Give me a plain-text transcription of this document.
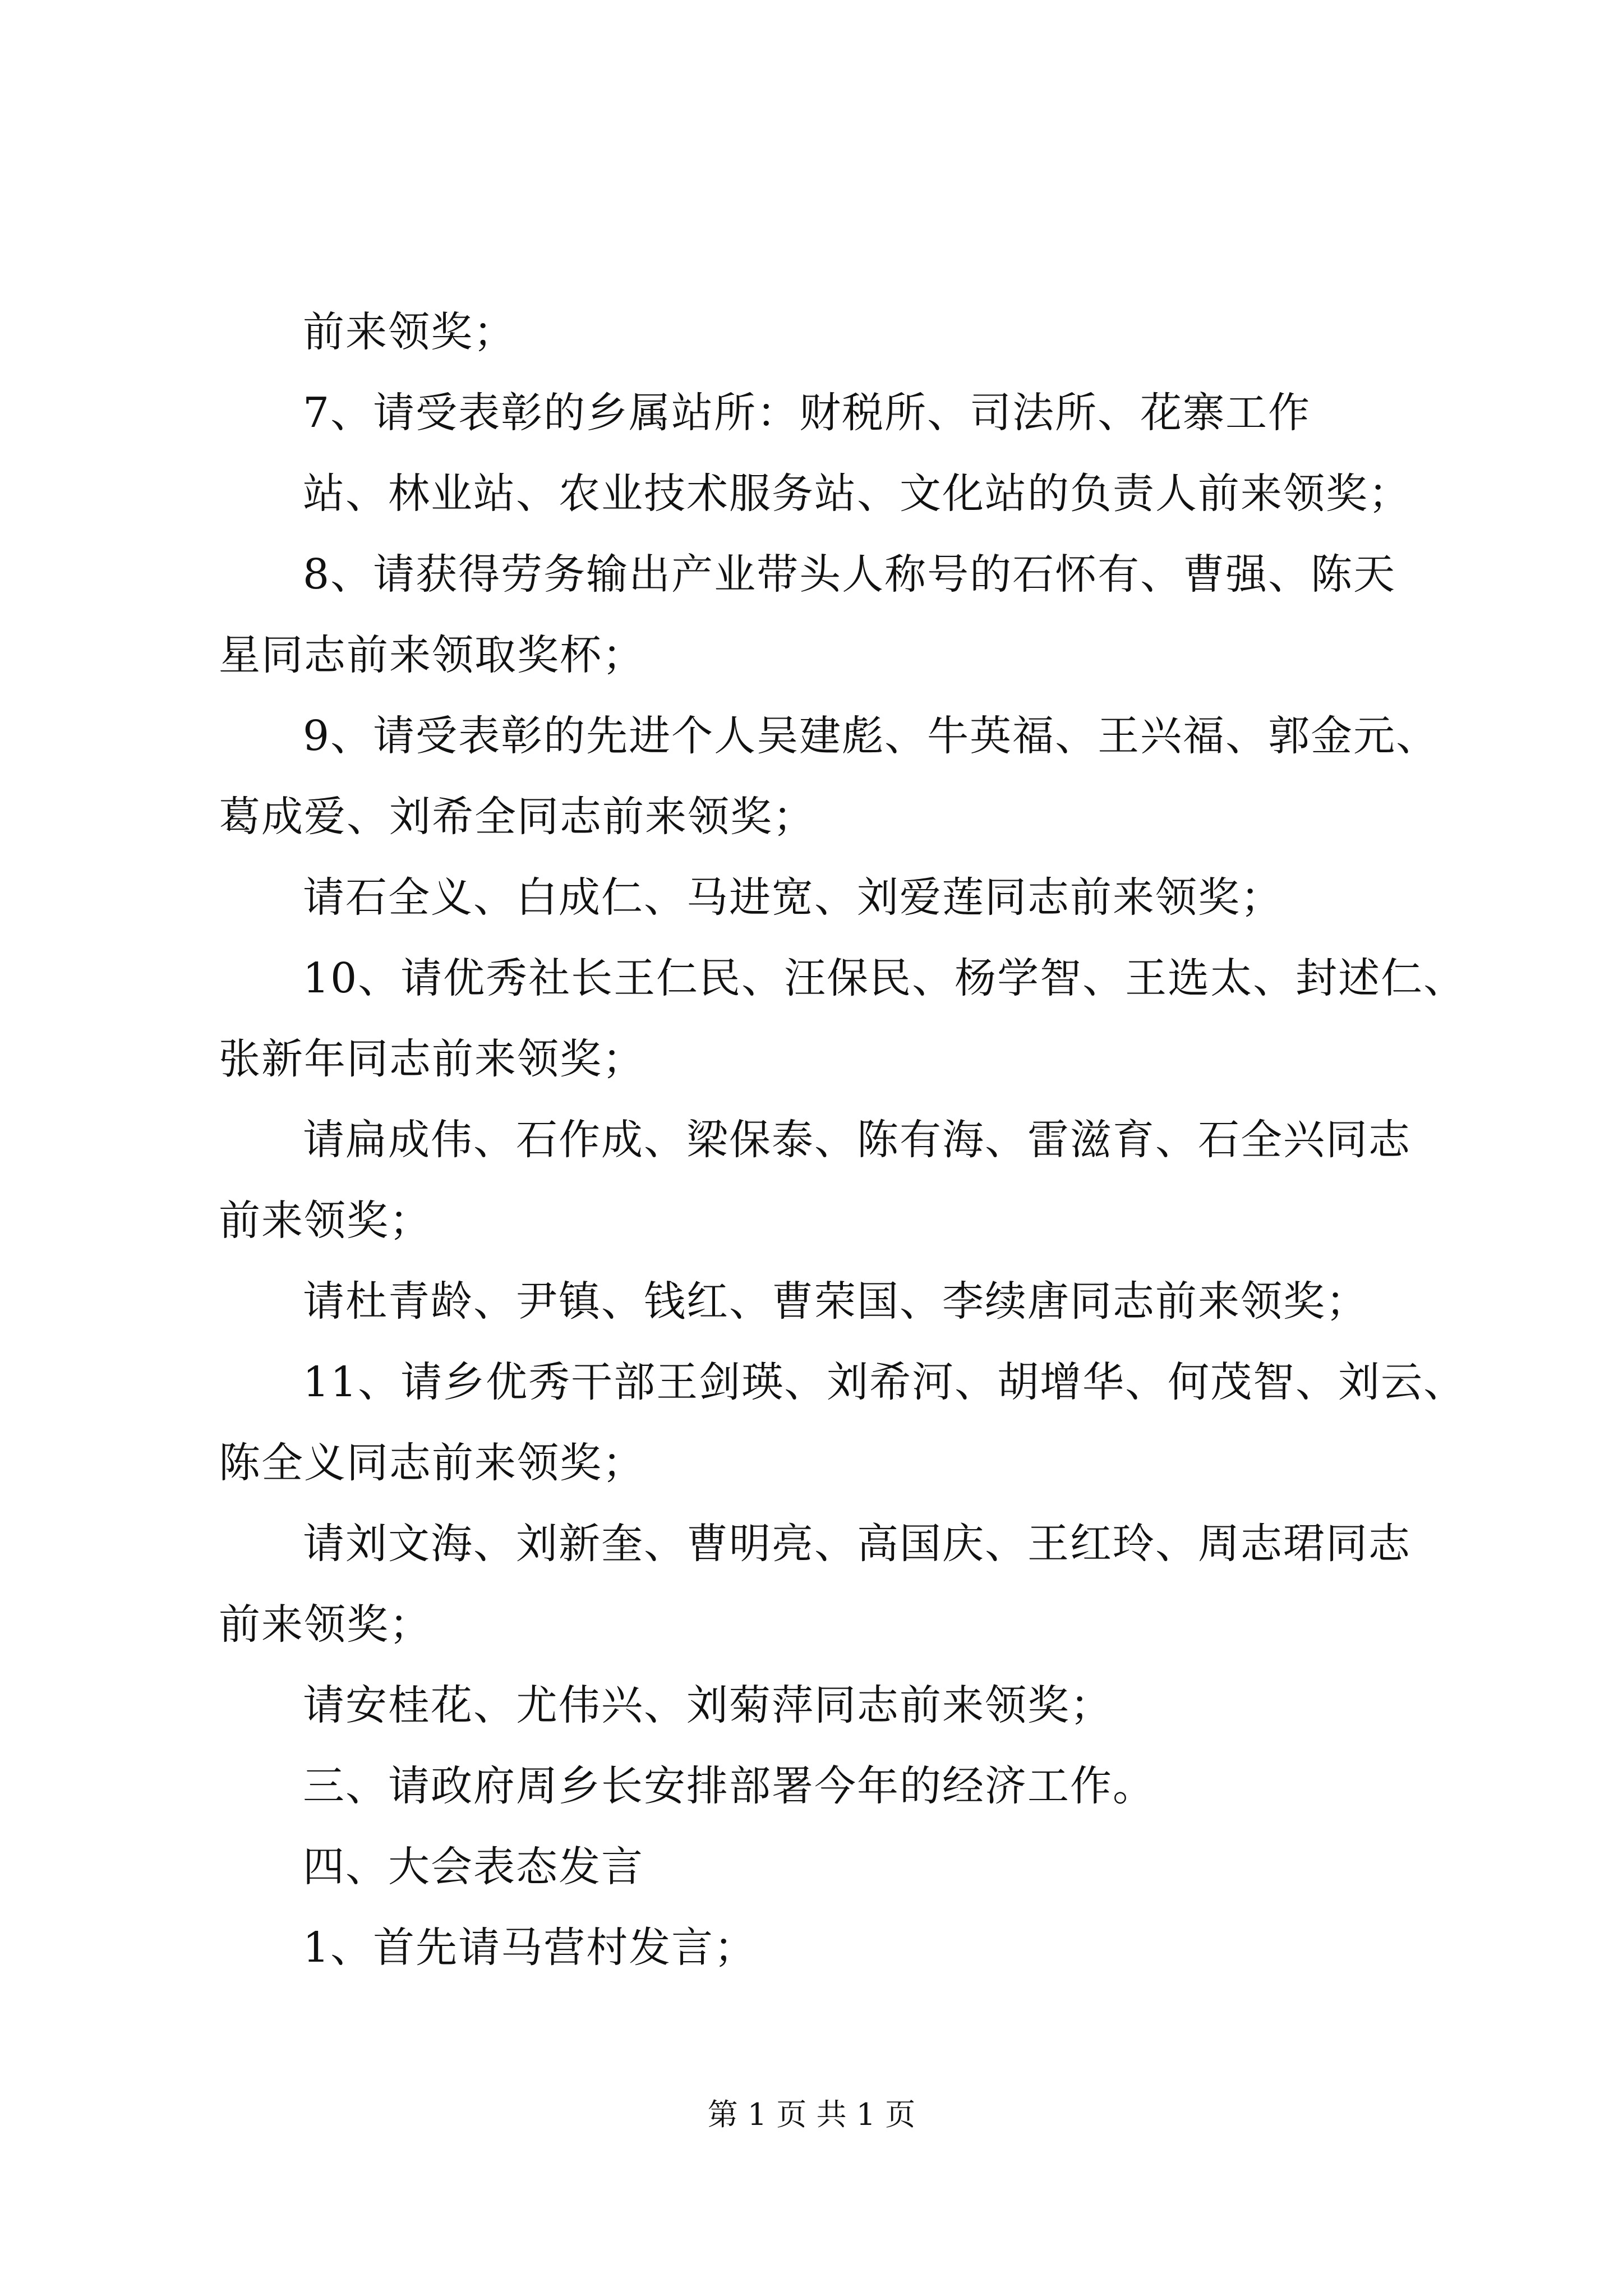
前来领奖；
7、请受表彰的乡属站所：财税所、司法所、花寨工作
站、林业站、农业技术服务站、文化站的负责人前来领奖；
8、请获得劳务输出产业带头人称号的石怀有、曹强、陈天
星同志前来领取奖杯；
9、请受表彰的先进个人吴建彪、牛英福、王兴福、郭金元、
葛成爱、刘希全同志前来领奖；
请石全义、白成仁、马进宽、刘爱莲同志前来领奖；
10、请优秀社长王仁民、汪保民、杨学智、王选太、封述仁、
张新年同志前来领奖；
请扁成伟、石作成、梁保泰、陈有海、雷滋育、石全兴同志
前来领奖；
请杜青龄、尹镇、钱红、曹荣国、李续唐同志前来领奖；
11、请乡优秀干部王剑瑛、刘希河、胡增华、何茂智、刘云、
陈全义同志前来领奖；
请刘文海、刘新奎、曹明亮、高国庆、王红玲、周志珺同志
前来领奖；
请安桂花、尤伟兴、刘菊萍同志前来领奖；
三、请政府周乡长安排部署今年的经济工作。
四、大会表态发言
1、首先请马营村发言；
第 1 页 共 1 页
